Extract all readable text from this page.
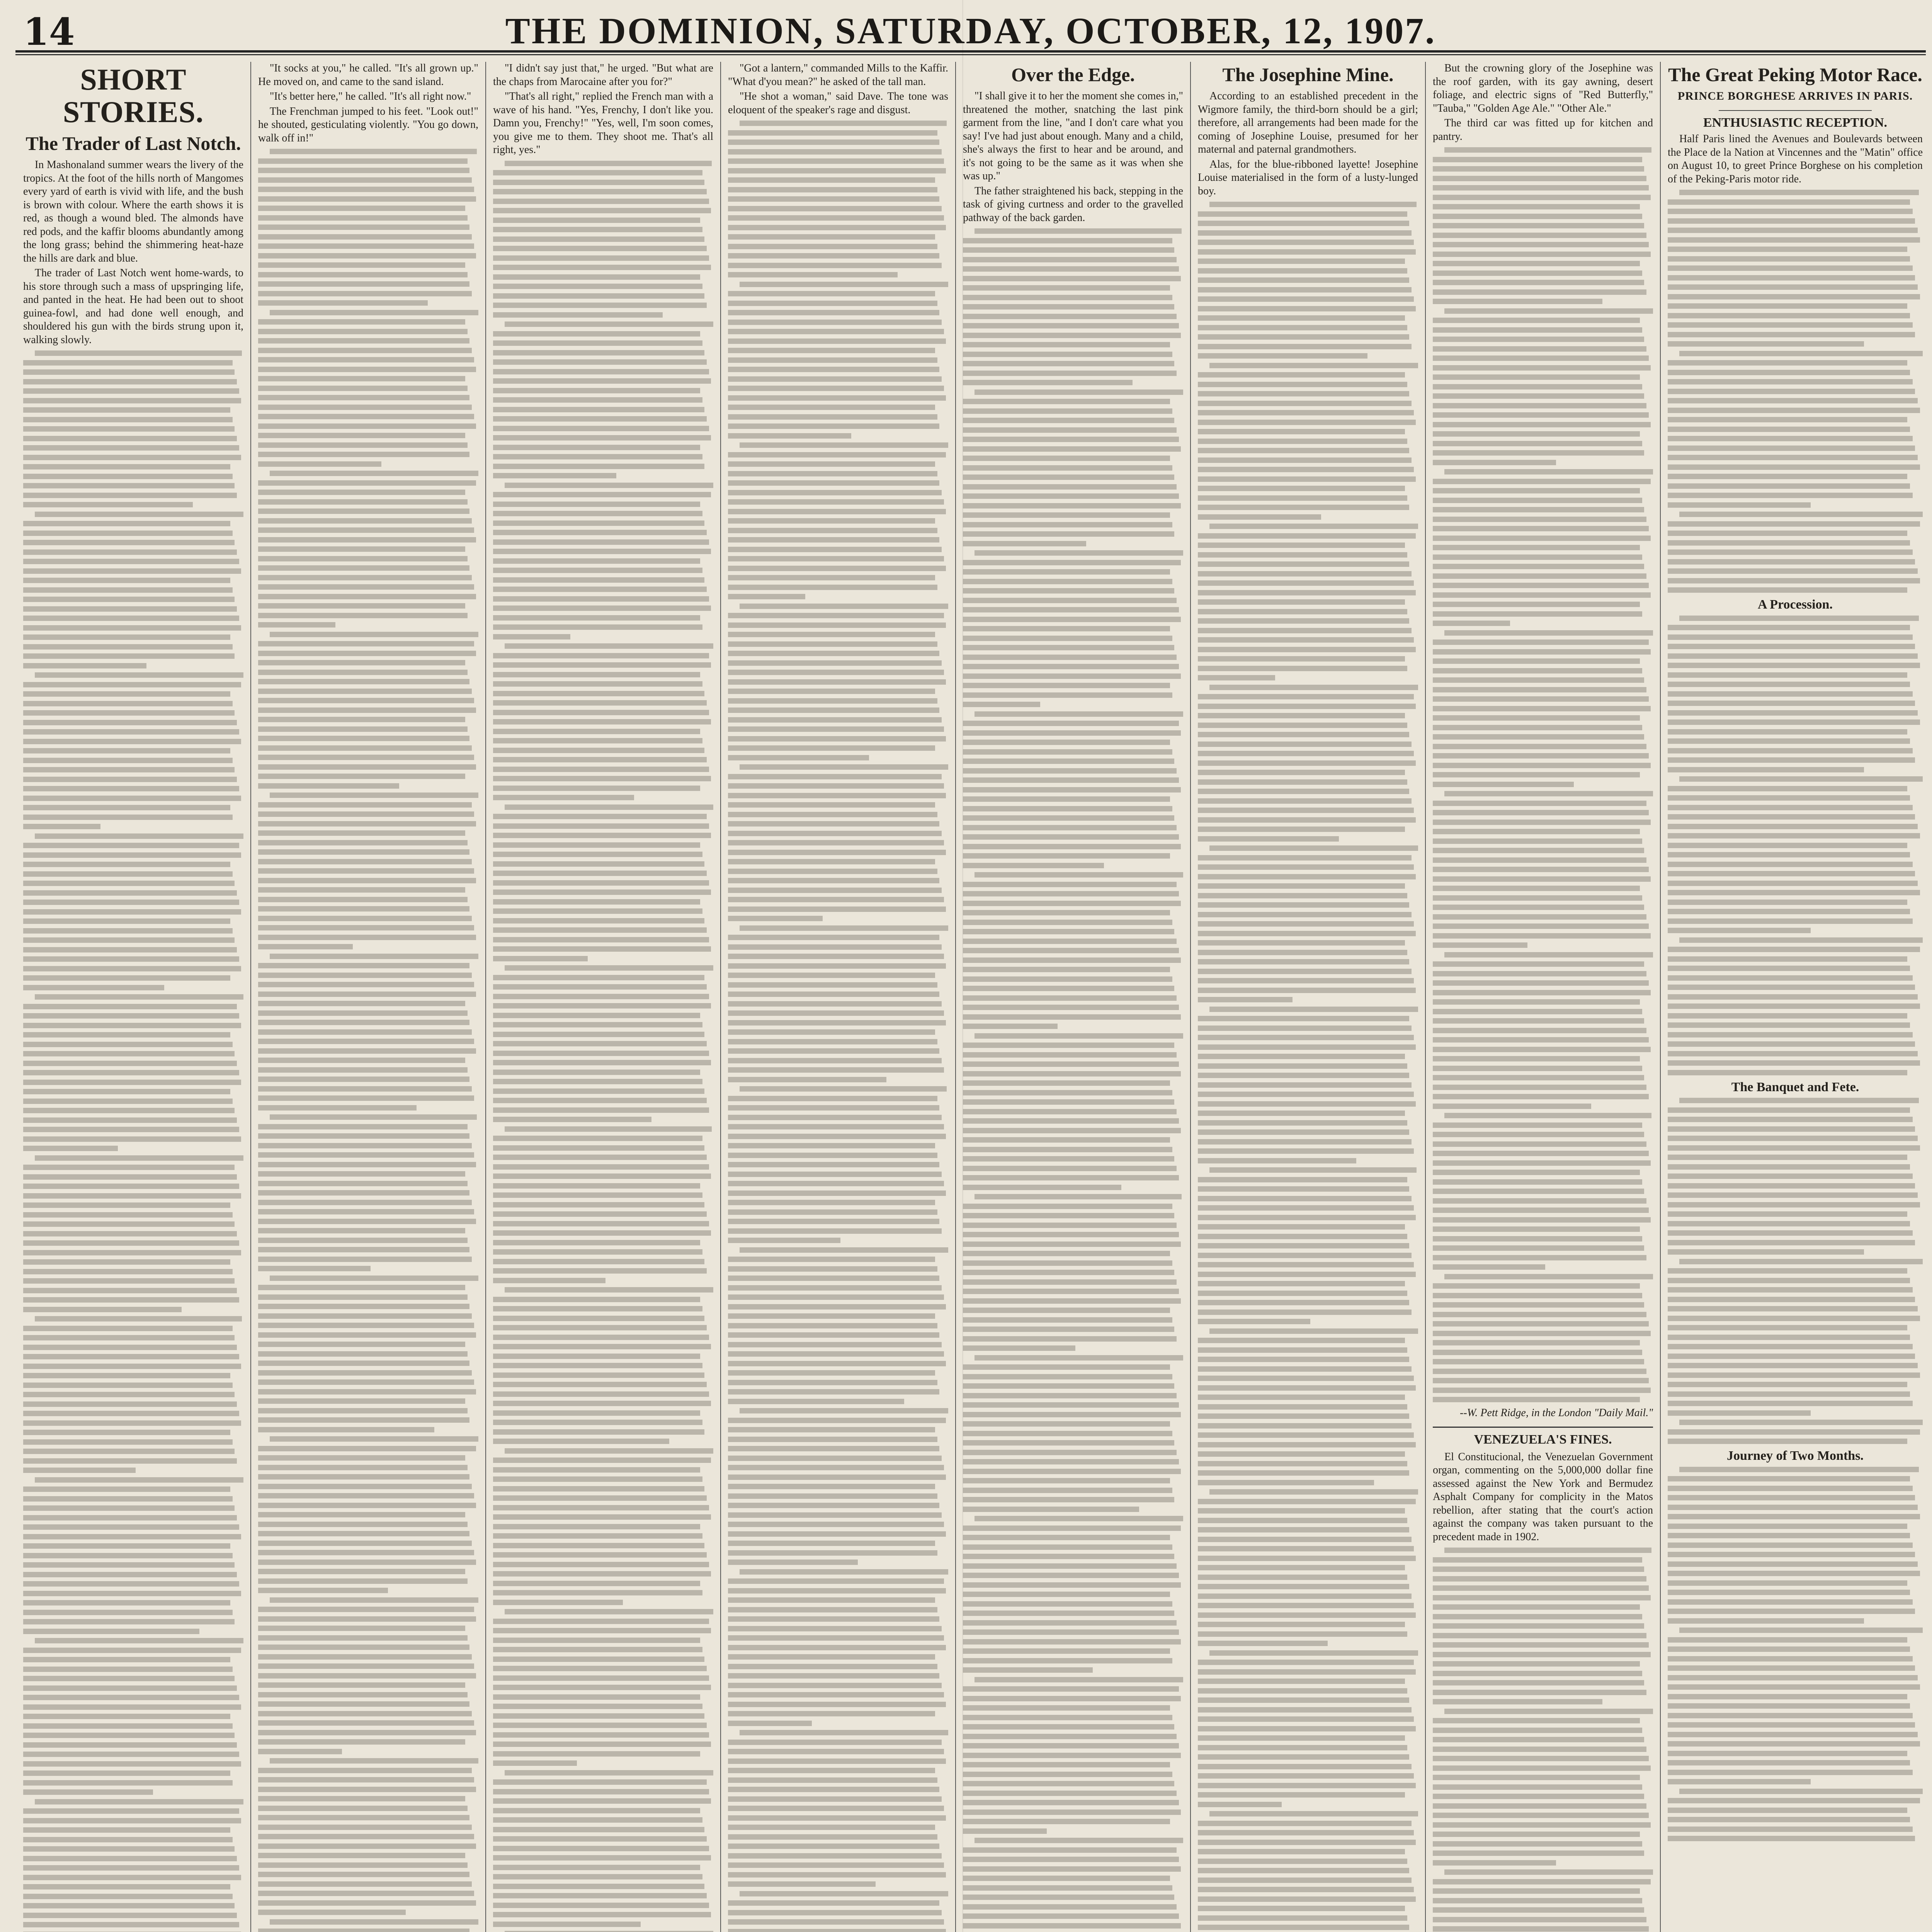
14	THE DOMINION, SATURDAY, OCTOBER, 12, 1907.
SHORT STORIES.
The Trader of Last Notch.

In Mashonaland summer wears the livery of the tropics. At the foot of the hills north of Mangomes every yard of earth is vivid with life, and the bush is brown with colour. Where the earth shows it is red, as though a wound bled. The almonds have red pods, and the kaffir blooms abundantly among the long grass; behind the shimmering heat-haze the hills are dark and blue.

The trader of Last Notch went home-wards, to his store through such a mass of upspringing life, and panted in the heat. He had been out to shoot guinea-fowl, and had done well enough, and shouldered his gun with the birds strung upon it, walking slowly.

"It socks at you," he called. "It's all grown up." He moved on, and came to the sand island.

"It's better here," he called. "It's all right now."

The Frenchman jumped to his feet. "Look out!" he shouted, gesticulating violently. "You go down, walk off in!"

"I didn't say just that," he urged. "But what are the chaps from Marocaine after you for?"

"That's all right," replied the French man with a wave of his hand. "Yes, Frenchy, I don't like you. Damn you, Frenchy!" "Yes, well, I'm soon comes, you give me to them. They shoot me. That's all right, yes."

"Got a lantern," commanded Mills to the Kaffir. "What d'you mean?" he asked of the tall man.

"He shot a woman," said Dave. The tone was eloquent of the speaker's rage and disgust.

Over the Edge.

"I shall give it to her the moment she comes in," threatened the mother, snatching the last pink garment from the line, "and I don't care what you say! I've had just about enough. Many and a child, she's always the first to hear and be around, and it's not going to be the same as it was when she was up."

The father straightened his back, stepping in the task of giving curtness and order to the gravelled pathway of the back garden.

The Josephine Mine.

According to an established precedent in the Wigmore family, the third-born should be a girl; therefore, all arrangements had been made for the coming of Josephine Louise, presumed for her maternal and paternal grandmothers.

Alas, for the blue-ribboned layette! Josephine Louise materialised in the form of a lusty-lunged boy.

But the crowning glory of the Josephine was the roof garden, with its gay awning, desert foliage, and electric signs of "Red Butterfly," "Tauba," "Golden Age Ale." "Other Ale."

The third car was fitted up for kitchen and pantry.

--W. Pett Ridge, in the London "Daily Mail."

VENEZUELA'S FINES.

El Constitucional, the Venezuelan Government organ, commenting on the 5,000,000 dollar fine assessed against the New York and Bermudez Asphalt Company for complicity in the Matos rebellion, after stating that the court's action against the company was taken pursuant to the precedent made in 1902.

The Great Peking Motor Race.
PRINCE BORGHESE ARRIVES IN PARIS.
ENTHUSIASTIC RECEPTION.

Half Paris lined the Avenues and Boulevards between the Place de la Nation at Vincennes and the "Matin" office on August 10, to greet Prince Borghese on his completion of the Peking-Paris motor ride.

A Procession.
The Banquet and Fete.
Journey of Two Months.
